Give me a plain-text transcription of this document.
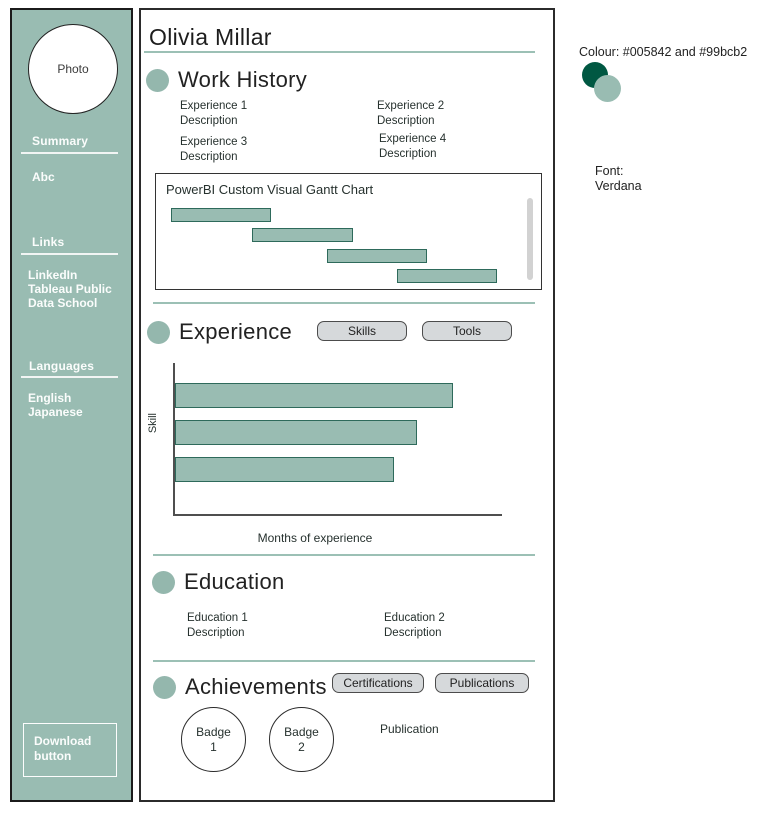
Photo
Summary
Abc
Links
LinkedIn
Tableau Public
Data School
Languages
English
Japanese
Download button
Olivia Millar
Work History
Experience 1
Description
Experience 2
Description
Experience 3
Description
Experience 4
Description
PowerBI Custom Visual Gantt Chart
Experience	Skills	Tools
Skill
Months of experience
Education
Education 1
Description
Education 2
Description
Achievements	Certifications	Publications
Badge 1
Badge 2
Publication
Colour: #005842 and #99bcb2
Font:
Verdana
